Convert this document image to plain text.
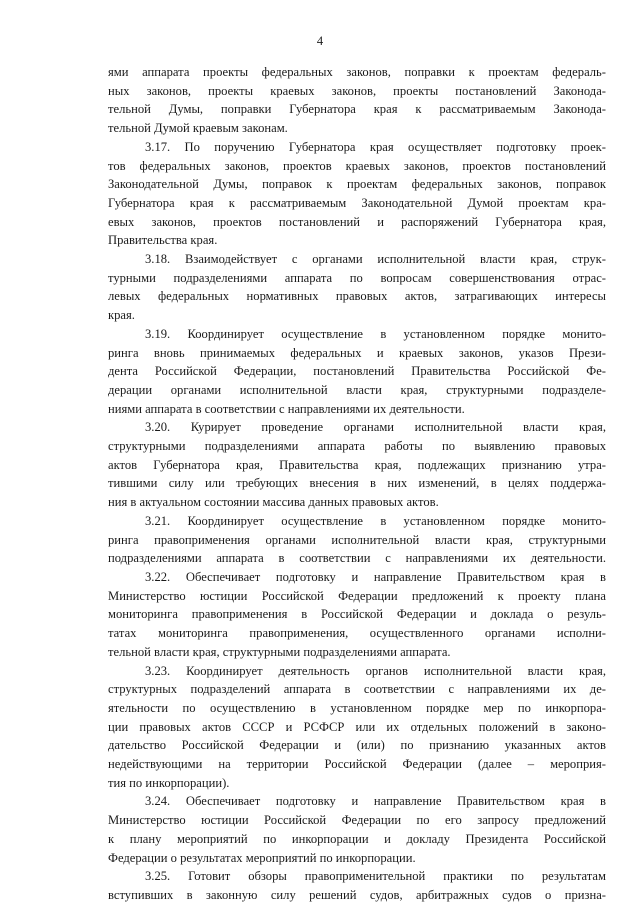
4

ями аппарата проекты федеральных законов, поправки к проектам федераль-
ных законов, проекты краевых законов, проекты постановлений Законода-
тельной Думы, поправки Губернатора края к рассматриваемым Законода-
тельной Думой краевым законам.

3.17. По поручению Губернатора края осуществляет подготовку проек-
тов федеральных законов, проектов краевых законов, проектов постановлений
Законодательной Думы, поправок к проектам федеральных законов, поправок
Губернатора края к рассматриваемым Законодательной Думой проектам кра-
евых законов, проектов постановлений и распоряжений Губернатора края,
Правительства края.

3.18. Взаимодействует с органами исполнительной власти края, струк-
турными подразделениями аппарата по вопросам совершенствования отрас-
левых федеральных нормативных правовых актов, затрагивающих интересы
края.

3.19. Координирует осуществление в установленном порядке монито-
ринга вновь принимаемых федеральных и краевых законов, указов Прези-
дента Российской Федерации, постановлений Правительства Российской Фе-
дерации органами исполнительной власти края, структурными подразделе-
ниями аппарата в соответствии с направлениями их деятельности.

3.20. Курирует проведение органами исполнительной власти края,
структурными подразделениями аппарата работы по выявлению правовых
актов Губернатора края, Правительства края, подлежащих признанию утра-
тившими силу или требующих внесения в них изменений, в целях поддержа-
ния в актуальном состоянии массива данных правовых актов.

3.21. Координирует осуществление в установленном порядке монито-
ринга правоприменения органами исполнительной власти края, структурными
подразделениями аппарата в соответствии с направлениями их деятельности.

3.22. Обеспечивает подготовку и направление Правительством края в
Министерство юстиции Российской Федерации предложений к проекту плана
мониторинга правоприменения в Российской Федерации и доклада о резуль-
татах мониторинга правоприменения, осуществленного органами исполни-
тельной власти края, структурными подразделениями аппарата.

3.23. Координирует деятельность органов исполнительной власти края,
структурных подразделений аппарата в соответствии с направлениями их де-
ятельности по осуществлению в установленном порядке мер по инкорпора-
ции правовых актов СССР и РСФСР или их отдельных положений в законо-
дательство Российской Федерации и (или) по признанию указанных актов
недействующими на территории Российской Федерации (далее – мероприя-
тия по инкорпорации).

3.24. Обеспечивает подготовку и направление Правительством края в
Министерство юстиции Российской Федерации по его запросу предложений
к плану мероприятий по инкорпорации и докладу Президента Российской
Федерации о результатах мероприятий по инкорпорации.

3.25. Готовит обзоры правоприменительной практики по результатам
вступивших в законную силу решений судов, арбитражных судов о призна-
